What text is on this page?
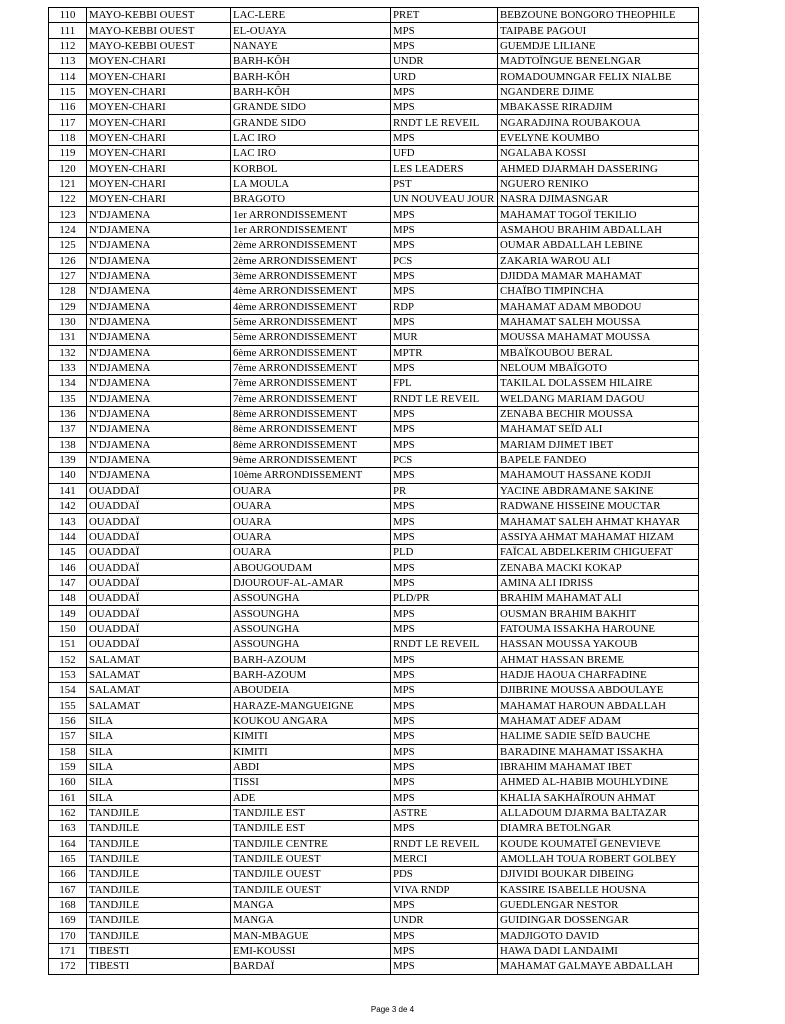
110	MAYO-KEBBI OUEST	LAC-LERE	PRET	BEBZOUNE BONGORO THEOPHILE
111	MAYO-KEBBI OUEST	EL-OUAYA	MPS	TAIPABE PAGOUI
112	MAYO-KEBBI OUEST	NANAYE	MPS	GUEMDJE LILIANE
113	MOYEN-CHARI	BARH-KÔH	UNDR	MADTOÏNGUE BENELNGAR
114	MOYEN-CHARI	BARH-KÔH	URD	ROMADOUMNGAR FELIX NIALBE
115	MOYEN-CHARI	BARH-KÔH	MPS	NGANDERE DJIME
116	MOYEN-CHARI	GRANDE SIDO	MPS	MBAKASSE RIRADJIM
117	MOYEN-CHARI	GRANDE SIDO	RNDT LE REVEIL	NGARADJINA ROUBAKOUA
118	MOYEN-CHARI	LAC IRO	MPS	EVELYNE KOUMBO
119	MOYEN-CHARI	LAC IRO	UFD	NGALABA KOSSI
120	MOYEN-CHARI	KORBOL	LES LEADERS	AHMED DJARMAH DASSERING
121	MOYEN-CHARI	LA MOULA	PST	NGUERO RENIKO
122	MOYEN-CHARI	BRAGOTO	UN NOUVEAU JOUR	NASRA DJIMASNGAR
123	N'DJAMENA	1er ARRONDISSEMENT	MPS	MAHAMAT TOGOÏ TEKILIO
124	N'DJAMENA	1er ARRONDISSEMENT	MPS	ASMAHOU BRAHIM ABDALLAH
125	N'DJAMENA	2ème ARRONDISSEMENT	MPS	OUMAR ABDALLAH LEBINE
126	N'DJAMENA	2ème ARRONDISSEMENT	PCS	ZAKARIA WAROU ALI
127	N'DJAMENA	3ème ARRONDISSEMENT	MPS	DJIDDA MAMAR MAHAMAT
128	N'DJAMENA	4ème ARRONDISSEMENT	MPS	CHAÏBO TIMPINCHA
129	N'DJAMENA	4ème ARRONDISSEMENT	RDP	MAHAMAT ADAM MBODOU
130	N'DJAMENA	5ème ARRONDISSEMENT	MPS	MAHAMAT SALEH MOUSSA
131	N'DJAMENA	5ème ARRONDISSEMENT	MUR	MOUSSA MAHAMAT MOUSSA
132	N'DJAMENA	6ème ARRONDISSEMENT	MPTR	MBAÏKOUBOU BERAL
133	N'DJAMENA	7ème ARRONDISSEMENT	MPS	NELOUM MBAÏGOTO
134	N'DJAMENA	7ème ARRONDISSEMENT	FPL	TAKILAL DOLASSEM HILAIRE
135	N'DJAMENA	7ème ARRONDISSEMENT	RNDT LE REVEIL	WELDANG MARIAM DAGOU
136	N'DJAMENA	8ème ARRONDISSEMENT	MPS	ZENABA BECHIR MOUSSA
137	N'DJAMENA	8ème ARRONDISSEMENT	MPS	MAHAMAT SEÏD ALI
138	N'DJAMENA	8ème ARRONDISSEMENT	MPS	MARIAM DJIMET IBET
139	N'DJAMENA	9ème ARRONDISSEMENT	PCS	BAPELE FANDEO
140	N'DJAMENA	10ème ARRONDISSEMENT	MPS	MAHAMOUT HASSANE KODJI
141	OUADDAÏ	OUARA	PR	YACINE ABDRAMANE SAKINE
142	OUADDAÏ	OUARA	MPS	RADWANE HISSEINE MOUCTAR
143	OUADDAÏ	OUARA	MPS	MAHAMAT SALEH AHMAT KHAYAR
144	OUADDAÏ	OUARA	MPS	ASSIYA AHMAT MAHAMAT HIZAM
145	OUADDAÏ	OUARA	PLD	FAÏCAL ABDELKERIM CHIGUEFAT
146	OUADDAÏ	ABOUGOUDAM	MPS	ZENABA MACKI KOKAP
147	OUADDAÏ	DJOUROUF-AL-AMAR	MPS	AMINA ALI IDRISS
148	OUADDAÏ	ASSOUNGHA	PLD/PR	BRAHIM MAHAMAT ALI
149	OUADDAÏ	ASSOUNGHA	MPS	OUSMAN BRAHIM BAKHIT
150	OUADDAÏ	ASSOUNGHA	MPS	FATOUMA ISSAKHA HAROUNE
151	OUADDAÏ	ASSOUNGHA	RNDT LE REVEIL	HASSAN MOUSSA YAKOUB
152	SALAMAT	BARH-AZOUM	MPS	AHMAT HASSAN BREME
153	SALAMAT	BARH-AZOUM	MPS	HADJE HAOUA CHARFADINE
154	SALAMAT	ABOUDEIA	MPS	DJIBRINE MOUSSA ABDOULAYE
155	SALAMAT	HARAZE-MANGUEIGNE	MPS	MAHAMAT HAROUN ABDALLAH
156	SILA	KOUKOU ANGARA	MPS	MAHAMAT ADEF ADAM
157	SILA	KIMITI	MPS	HALIME SADIE SEÏD BAUCHE
158	SILA	KIMITI	MPS	BARADINE MAHAMAT ISSAKHA
159	SILA	ABDI	MPS	IBRAHIM MAHAMAT IBET
160	SILA	TISSI	MPS	AHMED AL-HABIB MOUHLYDINE
161	SILA	ADE	MPS	KHALIA SAKHAÏROUN AHMAT
162	TANDJILE	TANDJILE EST	ASTRE	ALLADOUM DJARMA BALTAZAR
163	TANDJILE	TANDJILE EST	MPS	DIAMRA BETOLNGAR
164	TANDJILE	TANDJILE CENTRE	RNDT LE REVEIL	KOUDE KOUMATEÏ GENEVIEVE
165	TANDJILE	TANDJILE OUEST	MERCI	AMOLLAH TOUA ROBERT GOLBEY
166	TANDJILE	TANDJILE OUEST	PDS	DJIVIDI BOUKAR DIBEING
167	TANDJILE	TANDJILE OUEST	VIVA RNDP	KASSIRE ISABELLE HOUSNA
168	TANDJILE	MANGA	MPS	GUEDLENGAR NESTOR
169	TANDJILE	MANGA	UNDR	GUIDINGAR DOSSENGAR
170	TANDJILE	MAN-MBAGUE	MPS	MADJIGOTO DAVID
171	TIBESTI	EMI-KOUSSI	MPS	HAWA DADI LANDAIMI
172	TIBESTI	BARDAÏ	MPS	MAHAMAT GALMAYE ABDALLAH
Page 3 de 4
